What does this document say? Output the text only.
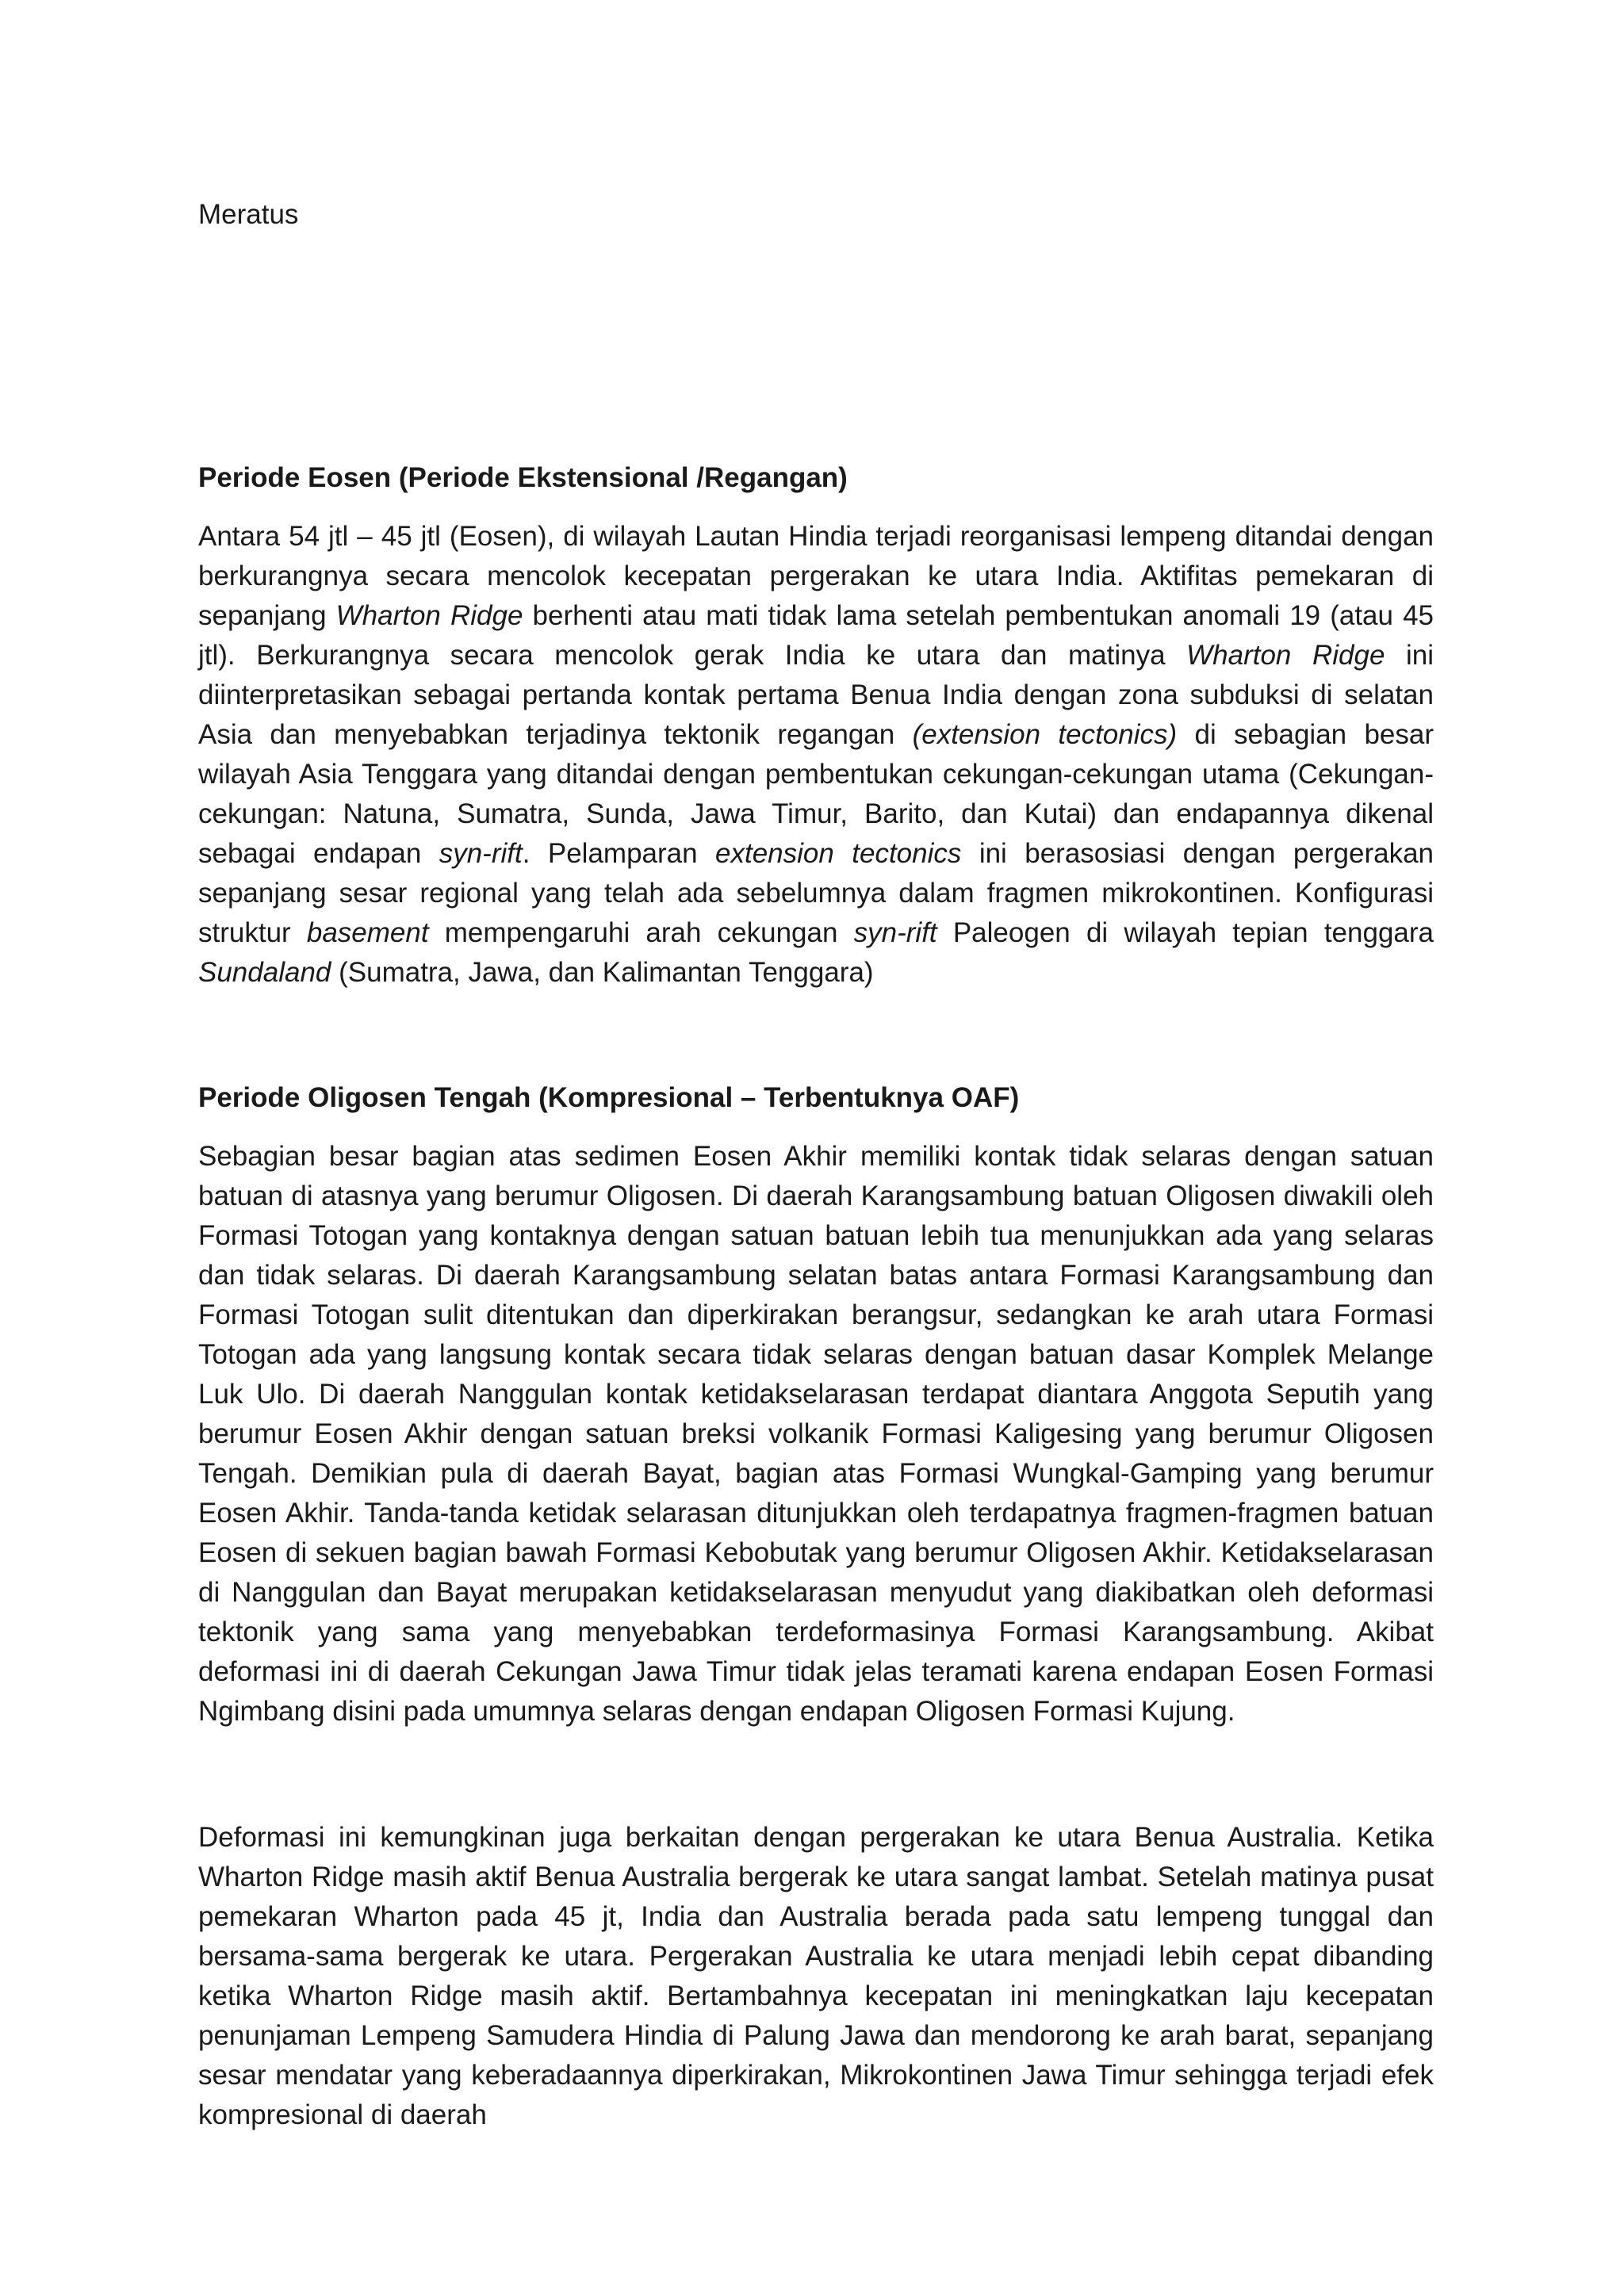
Meratus
Periode Eosen (Periode Ekstensional /Regangan)

Antara 54 jtl – 45 jtl (Eosen), di wilayah Lautan Hindia terjadi reorganisasi lempeng ditandai dengan berkurangnya secara mencolok kecepatan pergerakan ke utara India. Aktifitas pemekaran di sepanjang Wharton Ridge berhenti atau mati tidak lama setelah pembentukan anomali 19 (atau 45 jtl). Berkurangnya secara mencolok gerak India ke utara dan matinya Wharton Ridge ini diinterpretasikan sebagai pertanda kontak pertama Benua India dengan zona subduksi di selatan Asia dan menyebabkan terjadinya tektonik regangan (extension tectonics) di sebagian besar wilayah Asia Tenggara yang ditandai dengan pembentukan cekungan-cekungan utama (Cekungan-cekungan: Natuna, Sumatra, Sunda, Jawa Timur, Barito, dan Kutai) dan endapannya dikenal sebagai endapan syn-rift. Pelamparan extension tectonics ini berasosiasi dengan pergerakan sepanjang sesar regional yang telah ada sebelumnya dalam fragmen mikrokontinen. Konfigurasi struktur basement mempengaruhi arah cekungan syn-rift Paleogen di wilayah tepian tenggara Sundaland (Sumatra, Jawa, dan Kalimantan Tenggara)

Periode Oligosen Tengah (Kompresional – Terbentuknya OAF)

Sebagian besar bagian atas sedimen Eosen Akhir memiliki kontak tidak selaras dengan satuan batuan di atasnya yang berumur Oligosen. Di daerah Karangsambung batuan Oligosen diwakili oleh Formasi Totogan yang kontaknya dengan satuan batuan lebih tua menunjukkan ada yang selaras dan tidak selaras. Di daerah Karangsambung selatan batas antara Formasi Karangsambung dan Formasi Totogan sulit ditentukan dan diperkirakan berangsur, sedangkan ke arah utara Formasi Totogan ada yang langsung kontak secara tidak selaras dengan batuan dasar Komplek Melange Luk Ulo. Di daerah Nanggulan kontak ketidakselarasan terdapat diantara Anggota Seputih yang berumur Eosen Akhir dengan satuan breksi volkanik Formasi Kaligesing yang berumur Oligosen Tengah. Demikian pula di daerah Bayat, bagian atas Formasi Wungkal-Gamping yang berumur Eosen Akhir. Tanda-tanda ketidak selarasan ditunjukkan oleh terdapatnya fragmen-fragmen batuan Eosen di sekuen bagian bawah Formasi Kebobutak yang berumur Oligosen Akhir. Ketidakselarasan di Nanggulan dan Bayat merupakan ketidakselarasan menyudut yang diakibatkan oleh deformasi tektonik yang sama yang menyebabkan terdeformasinya Formasi Karangsambung. Akibat deformasi ini di daerah Cekungan Jawa Timur tidak jelas teramati karena endapan Eosen Formasi Ngimbang disini pada umumnya selaras dengan endapan Oligosen Formasi Kujung.

Deformasi ini kemungkinan juga berkaitan dengan pergerakan ke utara Benua Australia. Ketika Wharton Ridge masih aktif Benua Australia bergerak ke utara sangat lambat. Setelah matinya pusat pemekaran Wharton pada 45 jt, India dan Australia berada pada satu lempeng tunggal dan bersama-sama bergerak ke utara. Pergerakan Australia ke utara menjadi lebih cepat dibanding ketika Wharton Ridge masih aktif. Bertambahnya kecepatan ini meningkatkan laju kecepatan penunjaman Lempeng Samudera Hindia di Palung Jawa dan mendorong ke arah barat, sepanjang sesar mendatar yang keberadaannya diperkirakan, Mikrokontinen Jawa Timur sehingga terjadi efek kompresional di daerah
